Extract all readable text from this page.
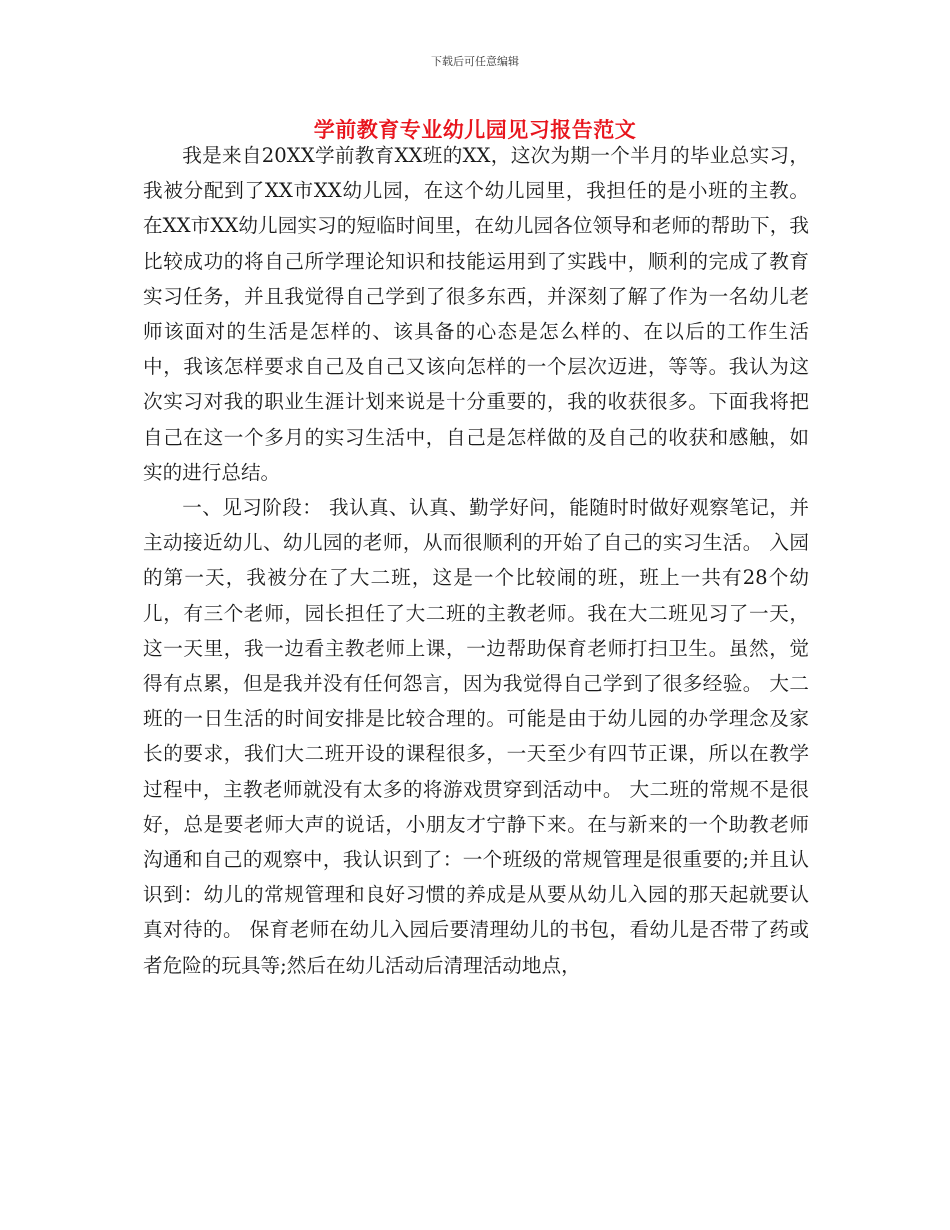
下载后可任意编辑
学前教育专业幼儿园见习报告范文

我是来自20XX学前教育XX班的XX，这次为期一个半月的毕业总实习，我被分配到了XX市XX幼儿园，在这个幼儿园里，我担任的是小班的主教。 在XX市XX幼儿园实习的短临时间里，在幼儿园各位领导和老师的帮助下，我比较成功的将自己所学理论知识和技能运用到了实践中，顺利的完成了教育实习任务，并且我觉得自己学到了很多东西，并深刻了解了作为一名幼儿老师该面对的生活是怎样的、该具备的心态是怎么样的、在以后的工作生活中，我该怎样要求自己及自己又该向怎样的一个层次迈进，等等。我认为这次实习对我的职业生涯计划来说是十分重要的，我的收获很多。下面我将把自己在这一个多月的实习生活中，自己是怎样做的及自己的收获和感触，如实的进行总结。

一、见习阶段： 我认真、认真、勤学好问，能随时时做好观察笔记，并主动接近幼儿、幼儿园的老师，从而很顺利的开始了自己的实习生活。 入园的第一天，我被分在了大二班，这是一个比较闹的班，班上一共有28个幼儿，有三个老师，园长担任了大二班的主教老师。我在大二班见习了一天，这一天里，我一边看主教老师上课，一边帮助保育老师打扫卫生。虽然，觉得有点累，但是我并没有任何怨言，因为我觉得自己学到了很多经验。 大二班的一日生活的时间安排是比较合理的。可能是由于幼儿园的办学理念及家长的要求，我们大二班开设的课程很多，一天至少有四节正课，所以在教学过程中，主教老师就没有太多的将游戏贯穿到活动中。 大二班的常规不是很好，总是要老师大声的说话，小朋友才宁静下来。在与新来的一个助教老师沟通和自己的观察中，我认识到了：一个班级的常规管理是很重要的;并且认识到：幼儿的常规管理和良好习惯的养成是从要从幼儿入园的那天起就要认真对待的。 保育老师在幼儿入园后要清理幼儿的书包，看幼儿是否带了药或者危险的玩具等;然后在幼儿活动后清理活动地点，
